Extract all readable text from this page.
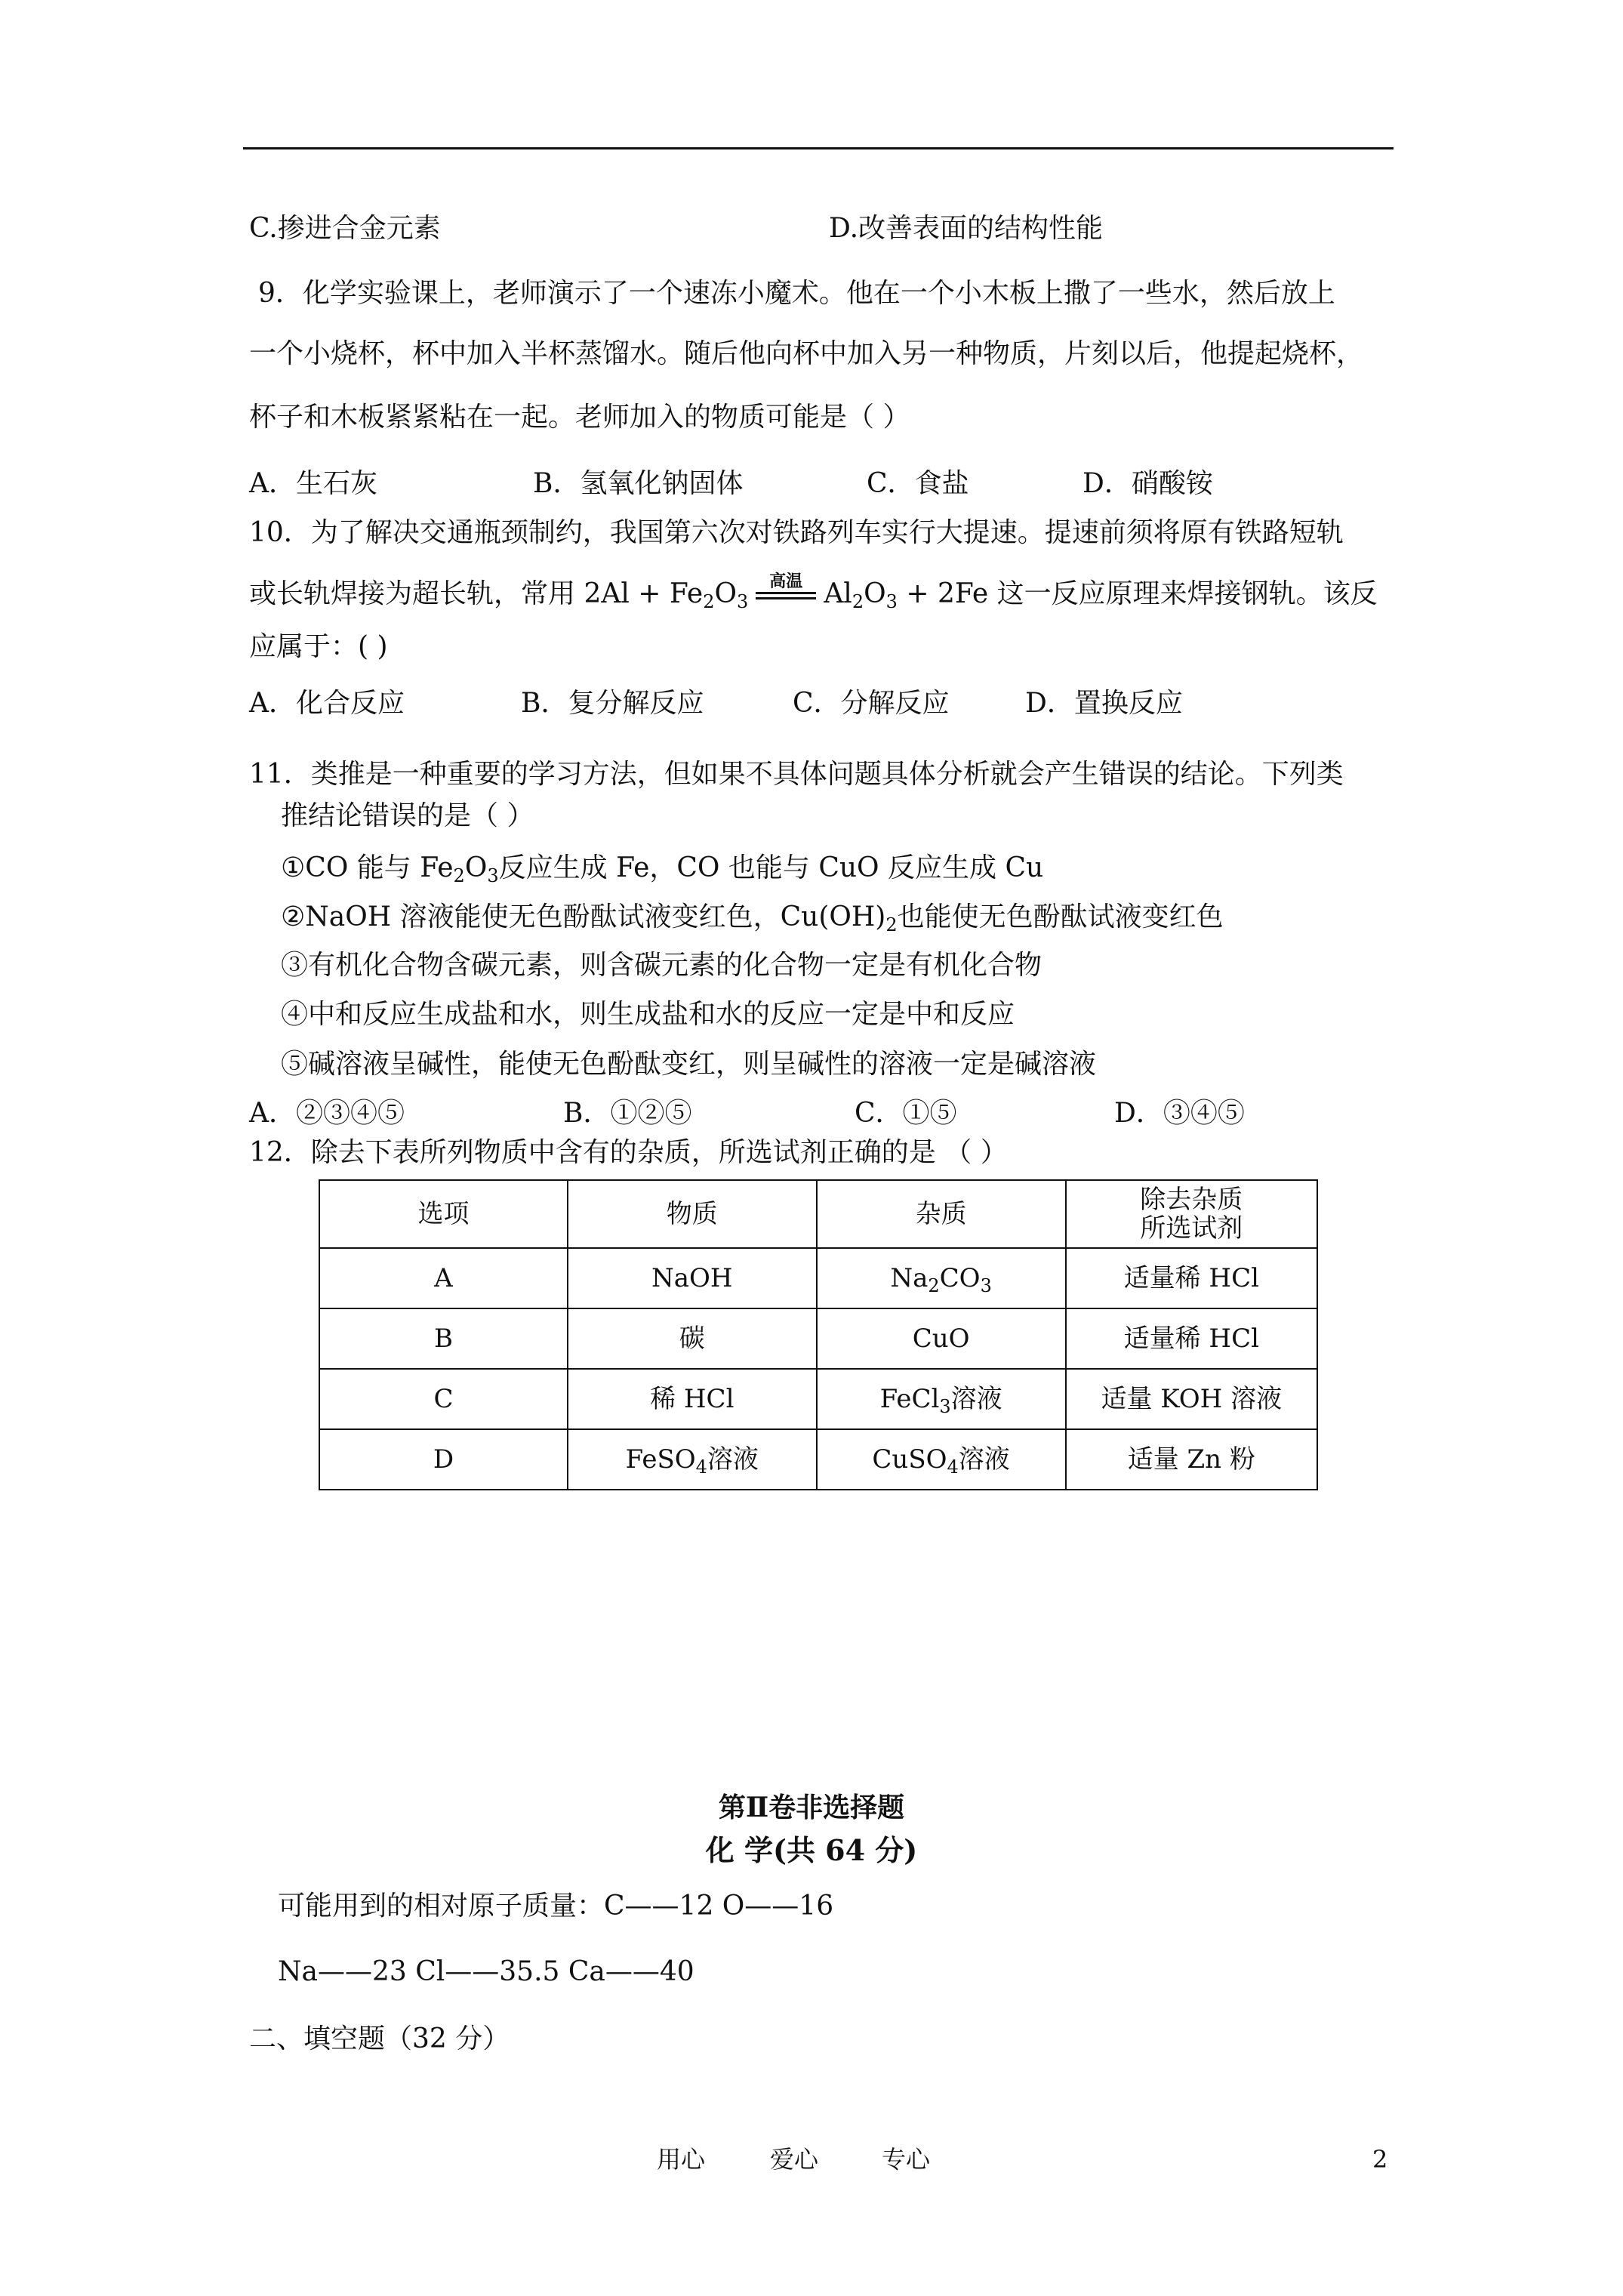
C.掺进合金元素	D.改善表面的结构性能
9．化学实验课上，老师演示了一个速冻小魔术。他在一个小木板上撒了一些水，然后放上
一个小烧杯，杯中加入半杯蒸馏水。随后他向杯中加入另一种物质，片刻以后，他提起烧杯，
杯子和木板紧紧粘在一起。老师加入的物质可能是（ ）
A．生石灰	B．氢氧化钠固体	C．食盐	D．硝酸铵
10．为了解决交通瓶颈制约，我国第六次对铁路列车实行大提速。提速前须将原有铁路短轨
或长轨焊接为超长轨，常用 $2Al + Fe_2O_3$
高温 $Al_2O_3 + 2Fe$ 这一反应原理来焊接钢轨。该反
应属于：( )
A．化合反应	B．复分解反应	C．分解反应	D．置换反应
11．类推是一种重要的学习方法，但如果不具体问题具体分析就会产生错误的结论。下列类
推结论错误的是（ ）
①CO 能与 $Fe_2O_3$反应生成 Fe，CO 也能与 CuO 反应生成 Cu
②NaOH 溶液能使无色酚酞试液变红色，$Cu(OH)_2$也能使无色酚酞试液变红色
③有机化合物含碳元素，则含碳元素的化合物一定是有机化合物
④中和反应生成盐和水，则生成盐和水的反应一定是中和反应
⑤碱溶液呈碱性，能使无色酚酞变红，则呈碱性的溶液一定是碱溶液
A．②③④⑤	B．①②⑤	C．①⑤	D．③④⑤
12．除去下表所列物质中含有的杂质，所选试剂正确的是 （ ）
选项	物质	杂质	除去杂质
所选试剂

A	NaOH	$Na_2CO_3$	适量稀 HCl
B	碳	CuO	适量稀 HCl
C	稀 HCl	FeCl$_3$溶液	适量 KOH 溶液
D	FeSO$_4$溶液	CuSO$_4$溶液	适量 Zn 粉
第Ⅱ卷非选择题
化 学(共 64 分)
可能用到的相对原子质量：C——12 O——16
Na——23 Cl——35.5 Ca——40
二、填空题（32 分）
用心	爱心	专心	2
